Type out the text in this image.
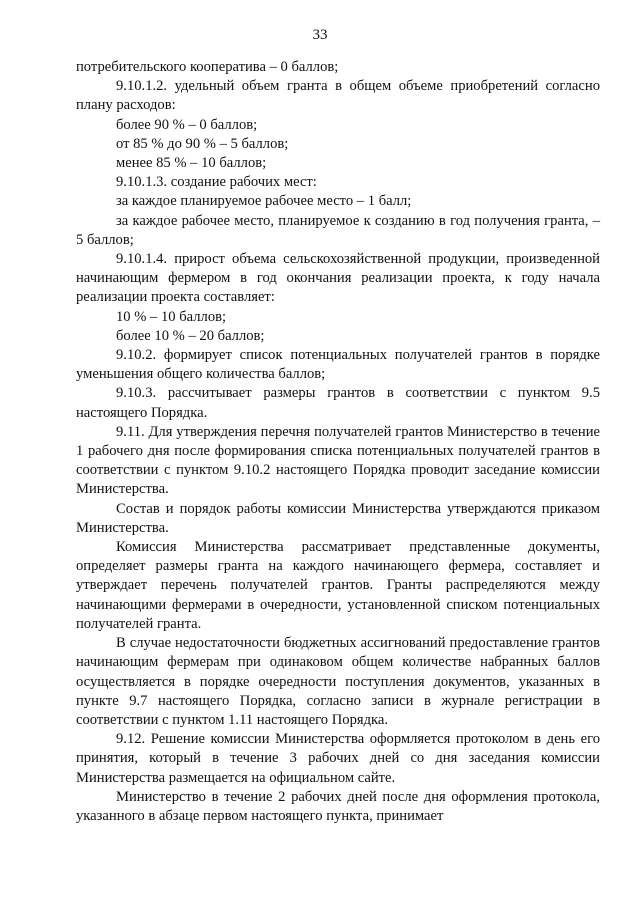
33

потребительского кооператива – 0 баллов;

9.10.1.2. удельный объем гранта в общем объеме приобретений согласно плану расходов:

более 90 % – 0 баллов;

от 85 % до 90 % – 5 баллов;

менее 85 % – 10 баллов;

9.10.1.3. создание рабочих мест:

за каждое планируемое рабочее место – 1 балл;

за каждое рабочее место, планируемое к созданию в год получения гранта, – 5 баллов;

9.10.1.4. прирост объема сельскохозяйственной продукции, произведенной начинающим фермером в год окончания реализации проекта, к году начала реализации проекта составляет:

10 % – 10 баллов;

более 10 % – 20 баллов;

9.10.2. формирует список потенциальных получателей грантов в порядке уменьшения общего количества баллов;

9.10.3. рассчитывает размеры грантов в соответствии с пунктом 9.5 настоящего Порядка.

9.11. Для утверждения перечня получателей грантов Министерство в течение 1 рабочего дня после формирования списка потенциальных получателей грантов в соответствии с пунктом 9.10.2 настоящего Порядка проводит заседание комиссии Министерства.

Состав и порядок работы комиссии Министерства утверждаются приказом Министерства.

Комиссия Министерства рассматривает представленные документы, определяет размеры гранта на каждого начинающего фермера, составляет и утверждает перечень получателей грантов. Гранты распределяются между начинающими фермерами в очередности, установленной списком потенциальных получателей гранта.

В случае недостаточности бюджетных ассигнований предоставление грантов начинающим фермерам при одинаковом общем количестве набранных баллов осуществляется в порядке очередности поступления документов, указанных в пункте 9.7 настоящего Порядка, согласно записи в журнале регистрации в соответствии с пунктом 1.11 настоящего Порядка.

9.12. Решение комиссии Министерства оформляется протоколом в день его принятия, который в течение 3 рабочих дней со дня заседания комиссии Министерства размещается на официальном сайте.

Министерство в течение 2 рабочих дней после дня оформления протокола, указанного в абзаце первом настоящего пункта, принимает
